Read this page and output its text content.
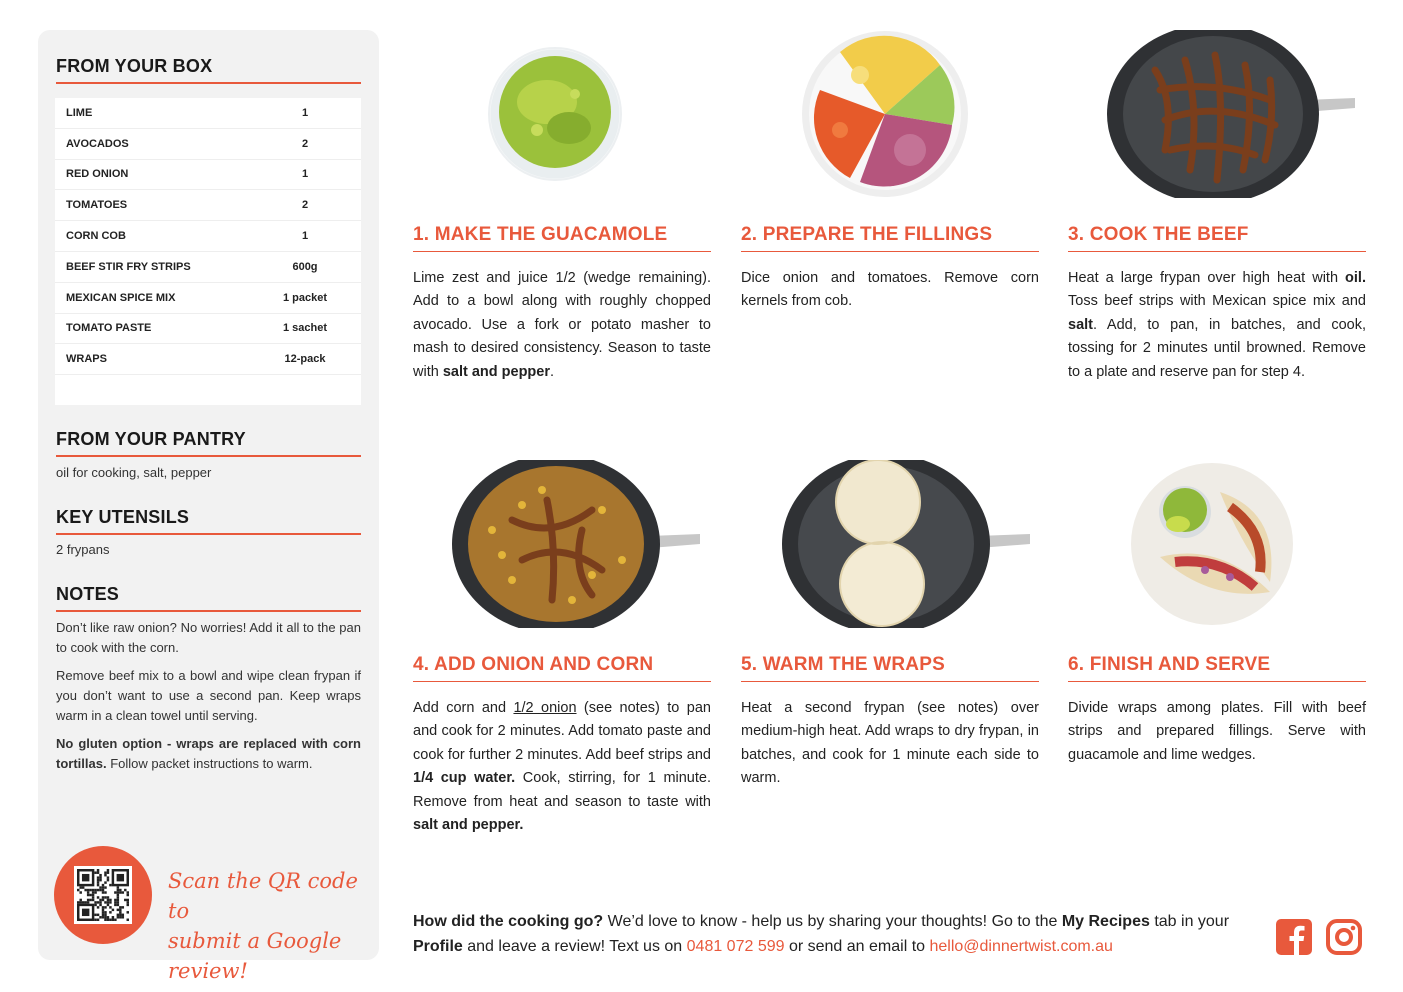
FROM YOUR BOX
LIME	1
AVOCADOS	2
RED ONION	1
TOMATOES	2
CORN COB	1
BEEF STIR FRY STRIPS	600g
MEXICAN SPICE MIX	1 packet
TOMATO PASTE	1 sachet
WRAPS	12-pack
FROM YOUR PANTRY
oil for cooking, salt, pepper
KEY UTENSILS
2 frypans
NOTES

Don’t like raw onion? No worries! Add it all to the pan to cook with the corn.

Remove beef mix to a bowl and wipe clean frypan if you don’t want to use a second pan. Keep wraps warm in a clean towel until serving.

No gluten option - wraps are replaced with corn tortillas. Follow packet instructions to warm.

Scan the QR code to
submit a Google review!
1. MAKE THE GUACAMOLE
Lime zest and juice 1/2 (wedge remaining). Add to a bowl along with roughly chopped avocado. Use a fork or potato masher to mash to desired consistency. Season to taste with salt and pepper.
2. PREPARE THE FILLINGS
Dice onion and tomatoes. Remove corn kernels from cob.
3. COOK THE BEEF
Heat a large frypan over high heat with oil. Toss beef strips with Mexican spice mix and salt. Add, to pan, in batches, and cook, tossing for 2 minutes until browned. Remove to a plate and reserve pan for step 4.
4. ADD ONION AND CORN
Add corn and 1/2 onion (see notes) to pan and cook for 2 minutes. Add tomato paste and cook for further 2 minutes. Add beef strips and 1/4 cup water. Cook, stirring, for 1 minute. Remove from heat and season to taste with salt and pepper.
5. WARM THE WRAPS
Heat a second frypan (see notes) over medium-high heat. Add wraps to dry frypan, in batches, and cook for 1 minute each side to warm.
6. FINISH AND SERVE
Divide wraps among plates. Fill with beef strips and prepared fillings. Serve with guacamole and lime wedges.
How did the cooking go? We’d love to know - help us by sharing your thoughts! Go to the My Recipes tab in your Profile and leave a review! Text us on 0481 072 599 or send an email to hello@dinnertwist.com.au
